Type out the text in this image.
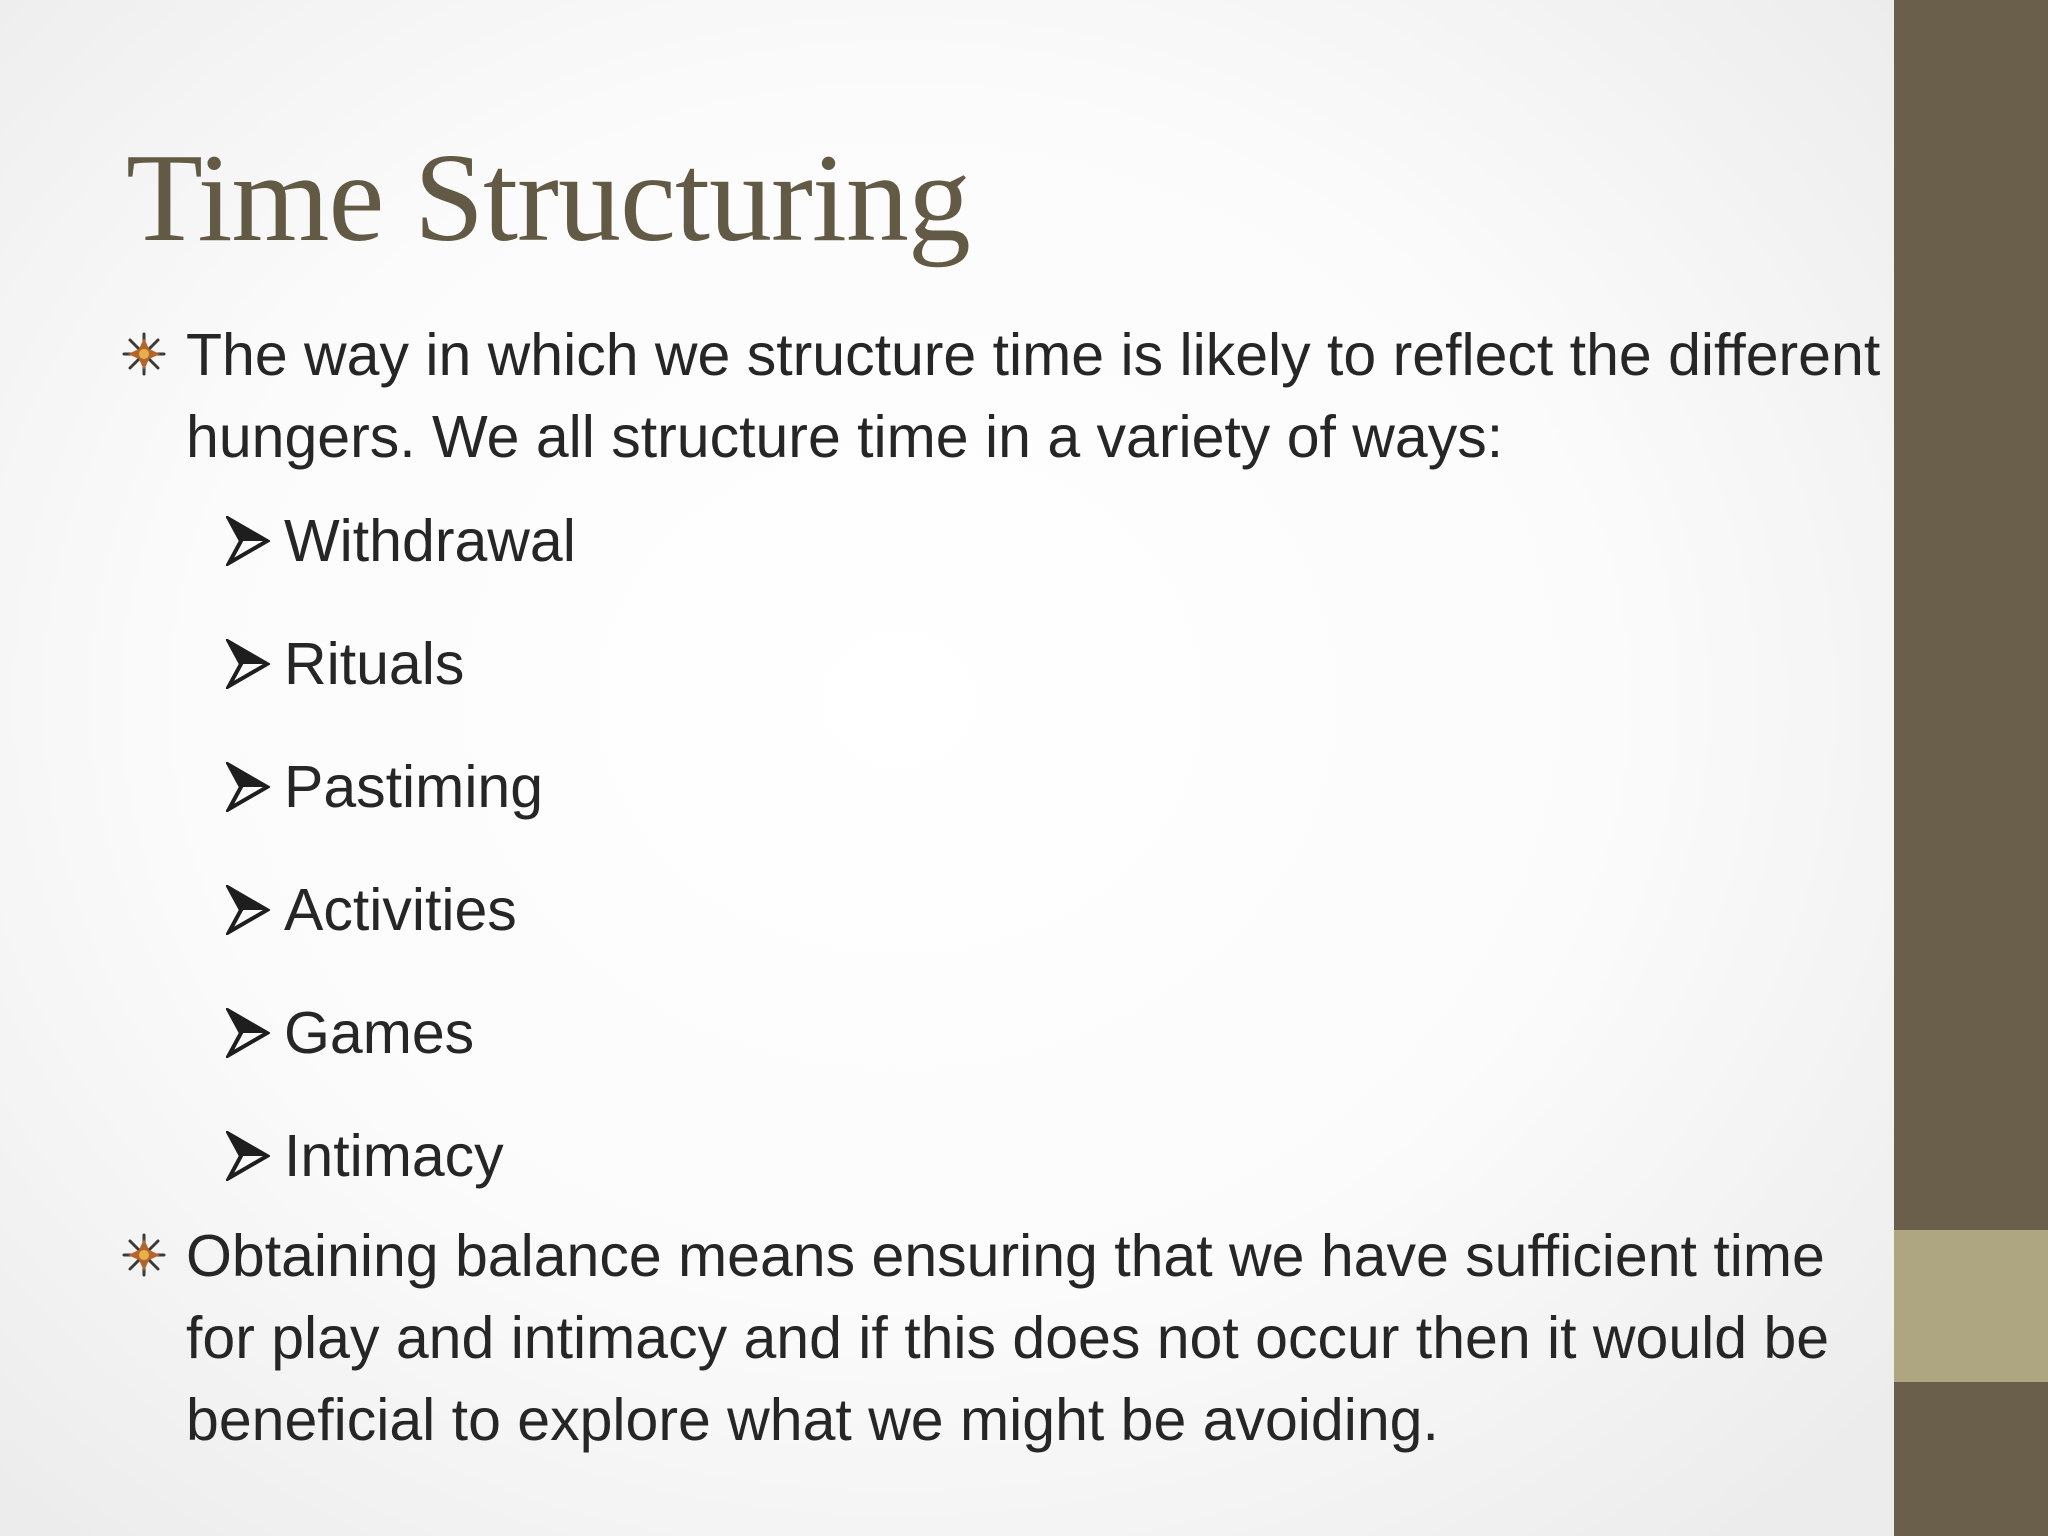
Time Structuring
The way in which we structure time is likely to reflect the different hungers. We all structure time in a variety of ways:
Withdrawal
Rituals
Pastiming
Activities
Games
Intimacy
Obtaining balance means ensuring that we have sufficient time for play and intimacy and if this does not occur then it would be beneficial to explore what we might be avoiding.
